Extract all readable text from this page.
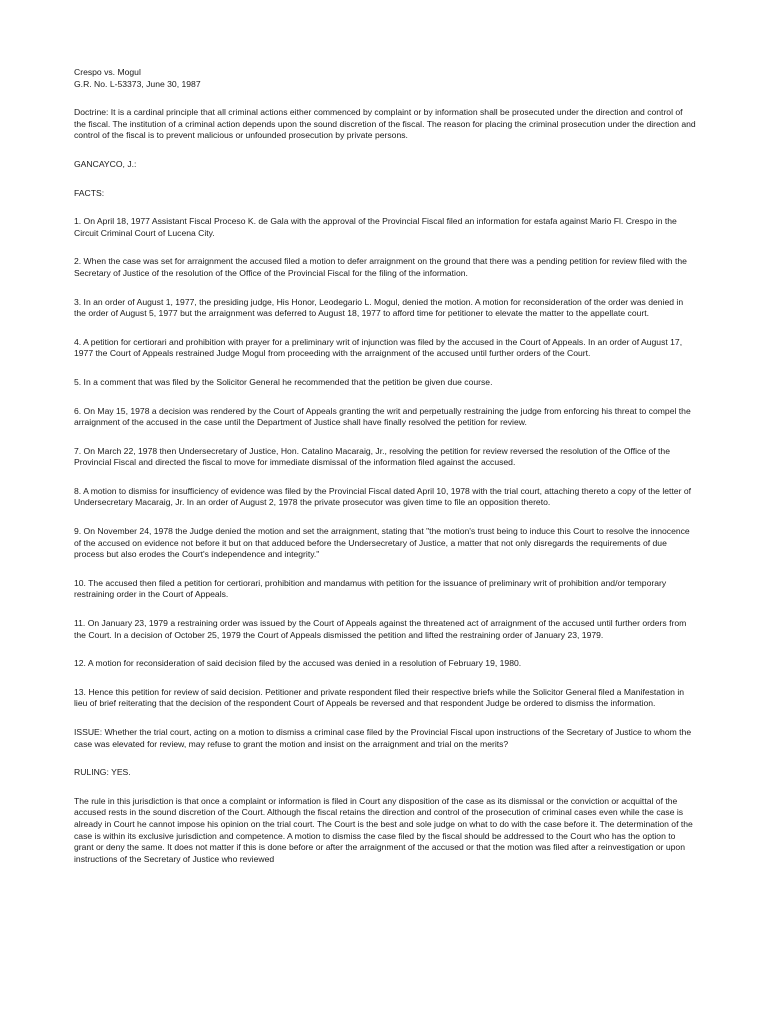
Crespo vs. Mogul

G.R. No. L-53373, June 30, 1987

Doctrine: It is a cardinal principle that all criminal actions either commenced by complaint or by information shall be prosecuted under the direction and control of the fiscal. The institution of a criminal action depends upon the sound discretion of the fiscal. The reason for placing the criminal prosecution under the direction and control of the fiscal is to prevent malicious or unfounded prosecution by private persons.

GANCAYCO, J.:

FACTS:

1. On April 18, 1977 Assistant Fiscal Proceso K. de Gala with the approval of the Provincial Fiscal filed an information for estafa against Mario Fl. Crespo in the Circuit Criminal Court of Lucena City.

2. When the case was set for arraignment the accused filed a motion to defer arraignment on the ground that there was a pending petition for review filed with the Secretary of Justice of the resolution of the Office of the Provincial Fiscal for the filing of the information.

3. In an order of August 1, 1977, the presiding judge, His Honor, Leodegario L. Mogul, denied the motion. A motion for reconsideration of the order was denied in the order of August 5, 1977 but the arraignment was deferred to August 18, 1977 to afford time for petitioner to elevate the matter to the appellate court.

4. A petition for certiorari and prohibition with prayer for a preliminary writ of injunction was filed by the accused in the Court of Appeals. In an order of August 17, 1977 the Court of Appeals restrained Judge Mogul from proceeding with the arraignment of the accused until further orders of the Court.

5. In a comment that was filed by the Solicitor General he recommended that the petition be given due course.

6. On May 15, 1978 a decision was rendered by the Court of Appeals granting the writ and perpetually restraining the judge from enforcing his threat to compel the arraignment of the accused in the case until the Department of Justice shall have finally resolved the petition for review.

7. On March 22, 1978 then Undersecretary of Justice, Hon. Catalino Macaraig, Jr., resolving the petition for review reversed the resolution of the Office of the Provincial Fiscal and directed the fiscal to move for immediate dismissal of the information filed against the accused.

8. A motion to dismiss for insufficiency of evidence was filed by the Provincial Fiscal dated April 10, 1978 with the trial court, attaching thereto a copy of the letter of Undersecretary Macaraig, Jr. In an order of August 2, 1978 the private prosecutor was given time to file an opposition thereto.

9. On November 24, 1978 the Judge denied the motion and set the arraignment, stating that "the motion's trust being to induce this Court to resolve the innocence of the accused on evidence not before it but on that adduced before the Undersecretary of Justice, a matter that not only disregards the requirements of due process but also erodes the Court's independence and integrity."

10. The accused then filed a petition for certiorari, prohibition and mandamus with petition for the issuance of preliminary writ of prohibition and/or temporary restraining order in the Court of Appeals.

11. On January 23, 1979 a restraining order was issued by the Court of Appeals against the threatened act of arraignment of the accused until further orders from the Court. In a decision of October 25, 1979 the Court of Appeals dismissed the petition and lifted the restraining order of January 23, 1979.

12. A motion for reconsideration of said decision filed by the accused was denied in a resolution of February 19, 1980.

13. Hence this petition for review of said decision. Petitioner and private respondent filed their respective briefs while the Solicitor General filed a Manifestation in lieu of brief reiterating that the decision of the respondent Court of Appeals be reversed and that respondent Judge be ordered to dismiss the information.

ISSUE: Whether the trial court, acting on a motion to dismiss a criminal case filed by the Provincial Fiscal upon instructions of the Secretary of Justice to whom the case was elevated for review, may refuse to grant the motion and insist on the arraignment and trial on the merits?

RULING: YES.

The rule in this jurisdiction is that once a complaint or information is filed in Court any disposition of the case as its dismissal or the conviction or acquittal of the accused rests in the sound discretion of the Court. Although the fiscal retains the direction and control of the prosecution of criminal cases even while the case is already in Court he cannot impose his opinion on the trial court. The Court is the best and sole judge on what to do with the case before it. The determination of the case is within its exclusive jurisdiction and competence. A motion to dismiss the case filed by the fiscal should be addressed to the Court who has the option to grant or deny the same. It does not matter if this is done before or after the arraignment of the accused or that the motion was filed after a reinvestigation or upon instructions of the Secretary of Justice who reviewed
